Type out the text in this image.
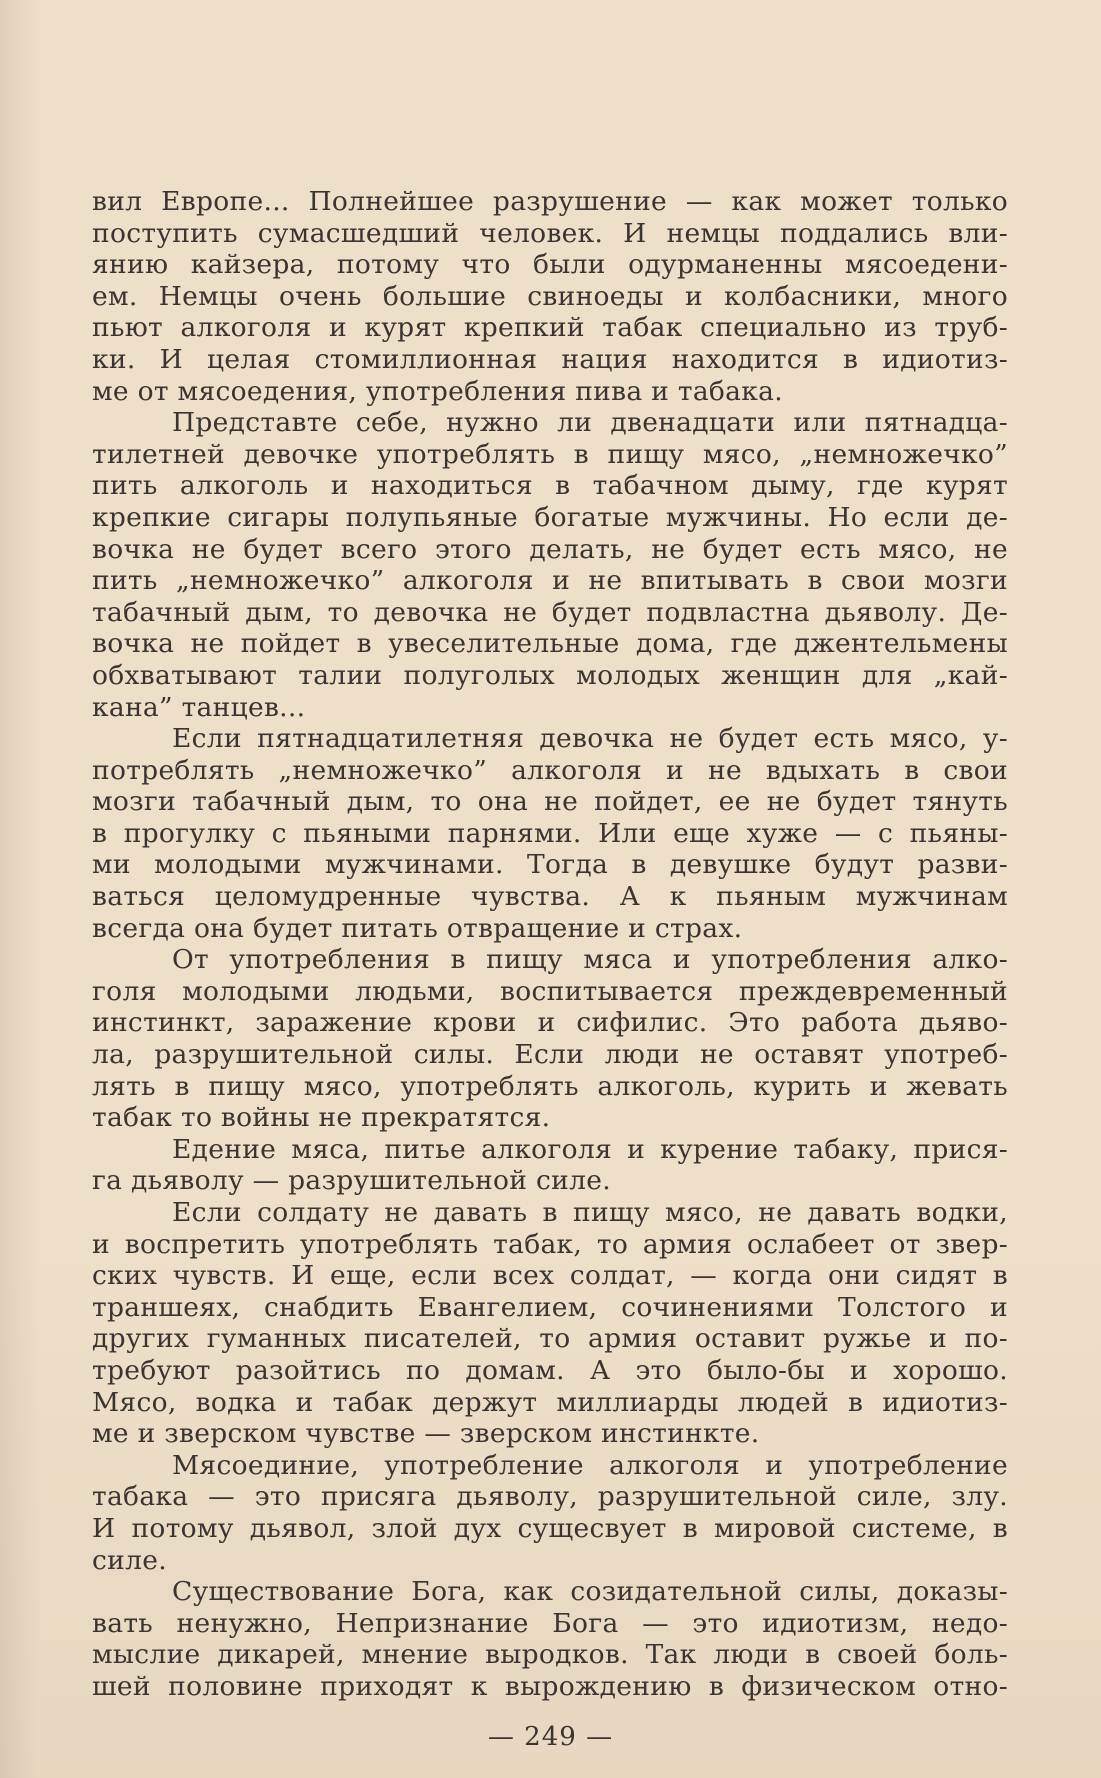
вил Европе... Полнейшее разрушение — как может только
поступить сумасшедший человек. И немцы поддались вли-
янию кайзера, потому что были одурманенны мясоедени-
ем. Немцы очень большие свиноеды и колбасники, много
пьют алкоголя и курят крепкий табак специально из труб-
ки. И целая стомиллионная нация находится в идиотиз-
ме от мясоедения, употребления пива и табака.
Представте себе, нужно ли двенадцати или пятнадца-
тилетней девочке употреблять в пищу мясо, „немножечко”
пить алкоголь и находиться в табачном дыму, где курят
крепкие сигары полупьяные богатые мужчины. Но если де-
вочка не будет всего этого делать, не будет есть мясо, не
пить „немножечко” алкоголя и не впитывать в свои мозги
табачный дым, то девочка не будет подвластна дьяволу. Де-
вочка не пойдет в увеселительные дома, где джентельмены
обхватывают талии полуголых молодых женщин для „кай-
кана” танцев...
Если пятнадцатилетняя девочка не будет есть мясо, у-
потреблять „немножечко” алкоголя и не вдыхать в свои
мозги табачный дым, то она не пойдет, ее не будет тянуть
в прогулку с пьяными парнями. Или еще хуже — с пьяны-
ми молодыми мужчинами. Тогда в девушке будут разви-
ваться целомудренные чувства. А к пьяным мужчинам
всегда она будет питать отвращение и страх.
От употребления в пищу мяса и употребления алко-
голя молодыми людьми, воспитывается преждевременный
инстинкт, заражение крови и сифилис. Это работа дьяво-
ла, разрушительной силы. Если люди не оставят употреб-
лять в пищу мясо, употреблять алкоголь, курить и жевать
табак то войны не прекратятся.
Едение мяса, питье алкоголя и курение табаку, прися-
га дьяволу — разрушительной силе.
Если солдату не давать в пищу мясо, не давать водки,
и воспретить употреблять табак, то армия ослабеет от звер-
ских чувств. И еще, если всех солдат, — когда они сидят в
траншеях, снабдить Евангелием, сочинениями Толстого и
других гуманных писателей, то армия оставит ружье и по-
требуют разойтись по домам. А это было-бы и хорошо.
Мясо, водка и табак держут миллиарды людей в идиотиз-
ме и зверском чувстве — зверском инстинкте.
Мясоединие, употребление алкоголя и употребление
табака — это присяга дьяволу, разрушительной силе, злу.
И потому дьявол, злой дух сущесвует в мировой системе, в
силе.
Существование Бога, как созидательной силы, доказы-
вать ненужно, Непризнание Бога — это идиотизм, недо-
мыслие дикарей, мнение выродков. Так люди в своей боль-
шей половине приходят к вырождению в физическом отно-
— 249 —
